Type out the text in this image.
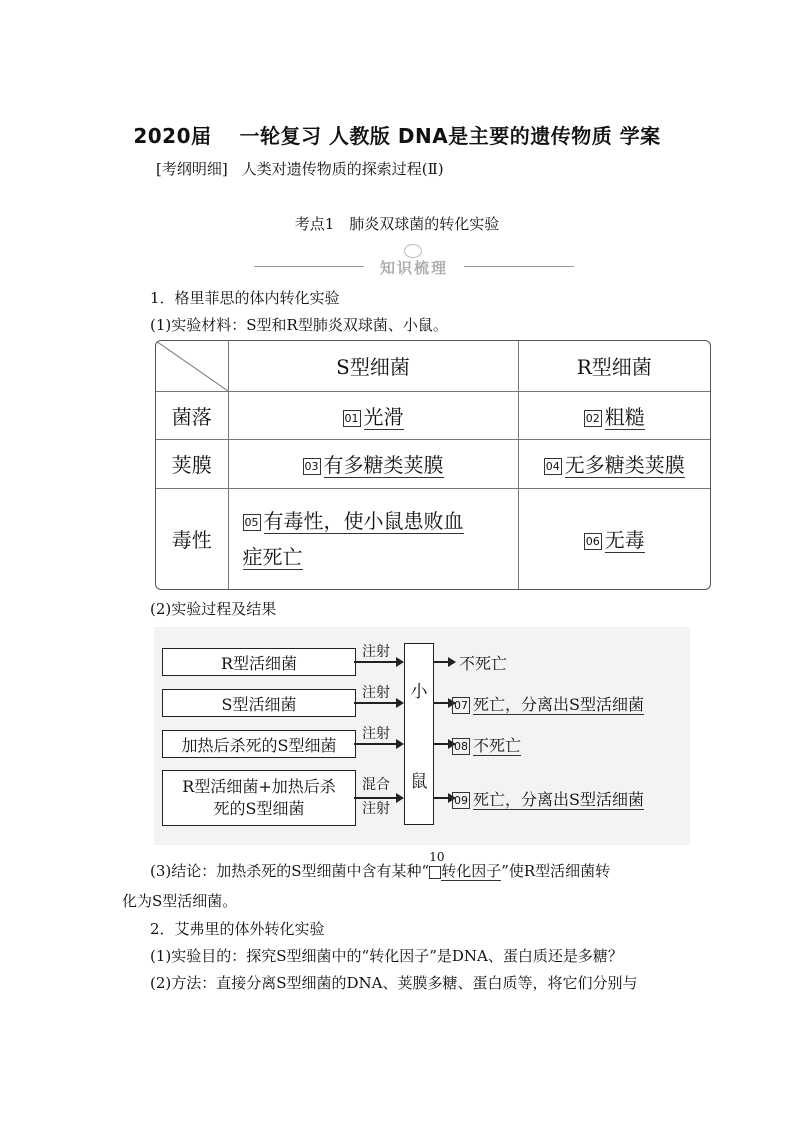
2020届　 一轮复习 人教版 DNA是主要的遗传物质 学案
[考纲明细] 人类对遗传物质的探索过程(Ⅱ)
考点1　肺炎双球菌的转化实验
知识梳理
1．格里菲思的体内转化实验
(1)实验材料：S型和R型肺炎双球菌、小鼠。
	S型细菌	R型细菌
菌落	01 光滑	02 粗糙
荚膜	03 有多糖类荚膜	04 无多糖类荚膜
毒性	05 有毒性，使小鼠患败血
症死亡	06 无毒
(2)实验过程及结果
R型活细菌
S型活细菌
加热后杀死的S型细菌
R型活细菌+加热后杀
死的S型细菌
注射
注射
注射
混合
注射
小
鼠
不死亡
07 死亡，分离出S型活细菌
08 不死亡
09 死亡，分离出S型活细菌
(3)结论：加热杀死的S型细菌中含有某种“
10
转化因子”使R型活细菌转
化为S型活细菌。
2．艾弗里的体外转化实验
(1)实验目的：探究S型细菌中的“转化因子”是DNA、蛋白质还是多糖？
(2)方法：直接分离S型细菌的DNA、荚膜多糖、蛋白质等，将它们分别与
